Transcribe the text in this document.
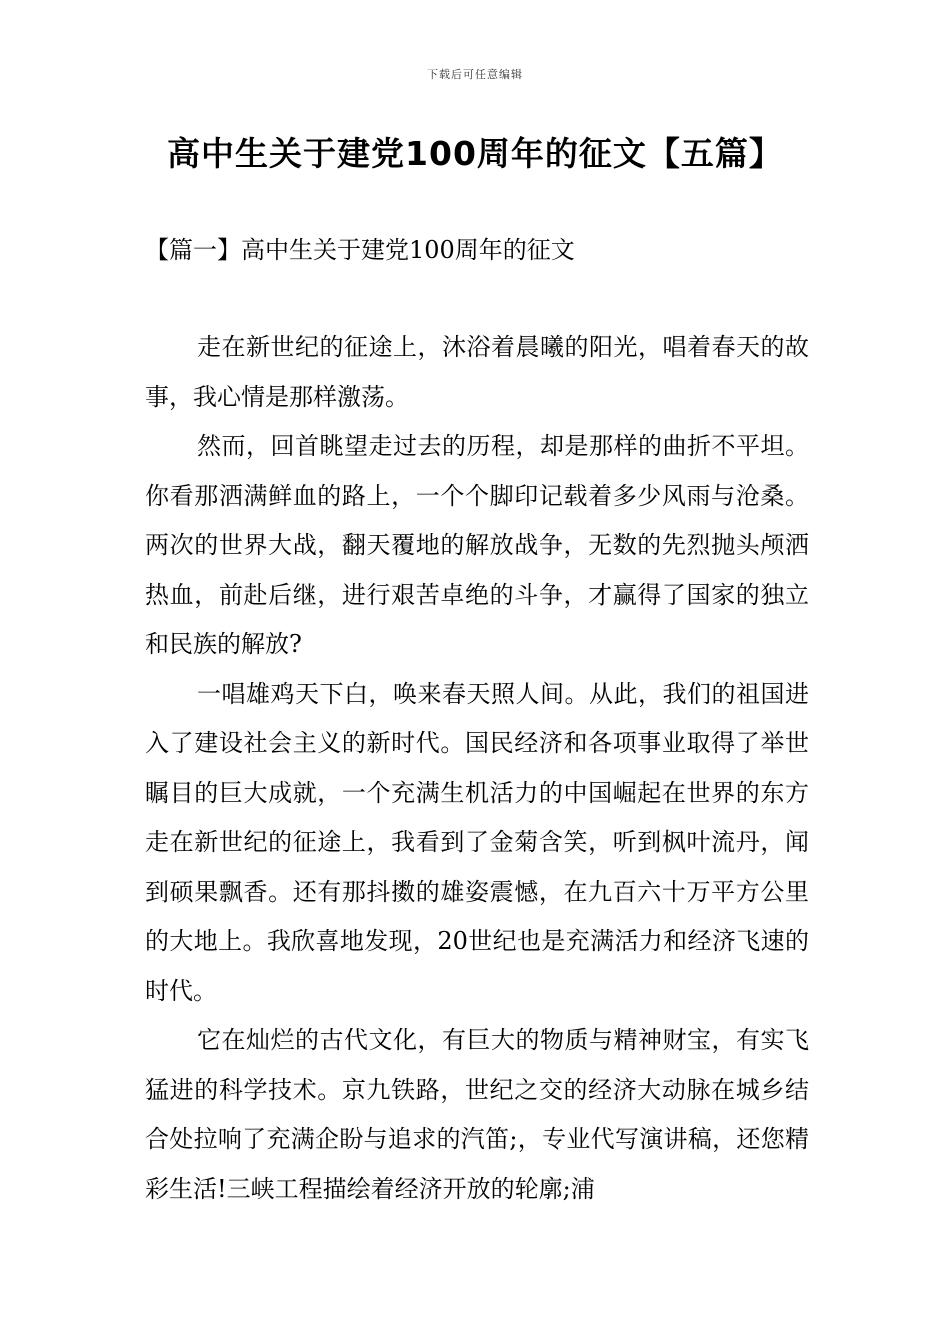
下载后可任意编辑
高中生关于建党100周年的征文【五篇】
【篇一】高中生关于建党100周年的征文

走在新世纪的征途上，沐浴着晨曦的阳光，唱着春天的故事，我心情是那样激荡。

然而，回首眺望走过去的历程，却是那样的曲折不平坦。你看那洒满鲜血的路上，一个个脚印记载着多少风雨与沧桑。两次的世界大战，翻天覆地的解放战争，无数的先烈抛头颅洒热血，前赴后继，进行艰苦卓绝的斗争，才赢得了国家的独立和民族的解放?

一唱雄鸡天下白，唤来春天照人间。从此，我们的祖国进入了建设社会主义的新时代。国民经济和各项事业取得了举世瞩目的巨大成就，一个充满生机活力的中国崛起在世界的东方走在新世纪的征途上，我看到了金菊含笑，听到枫叶流丹，闻到硕果飘香。还有那抖擞的雄姿震憾，在九百六十万平方公里的大地上。我欣喜地发现，20世纪也是充满活力和经济飞速的时代。

它在灿烂的古代文化，有巨大的物质与精神财宝，有实飞猛进的科学技术。京九铁路，世纪之交的经济大动脉在城乡结合处拉响了充满企盼与追求的汽笛;，专业代写演讲稿，还您精彩生活!三峡工程描绘着经济开放的轮廓;浦
